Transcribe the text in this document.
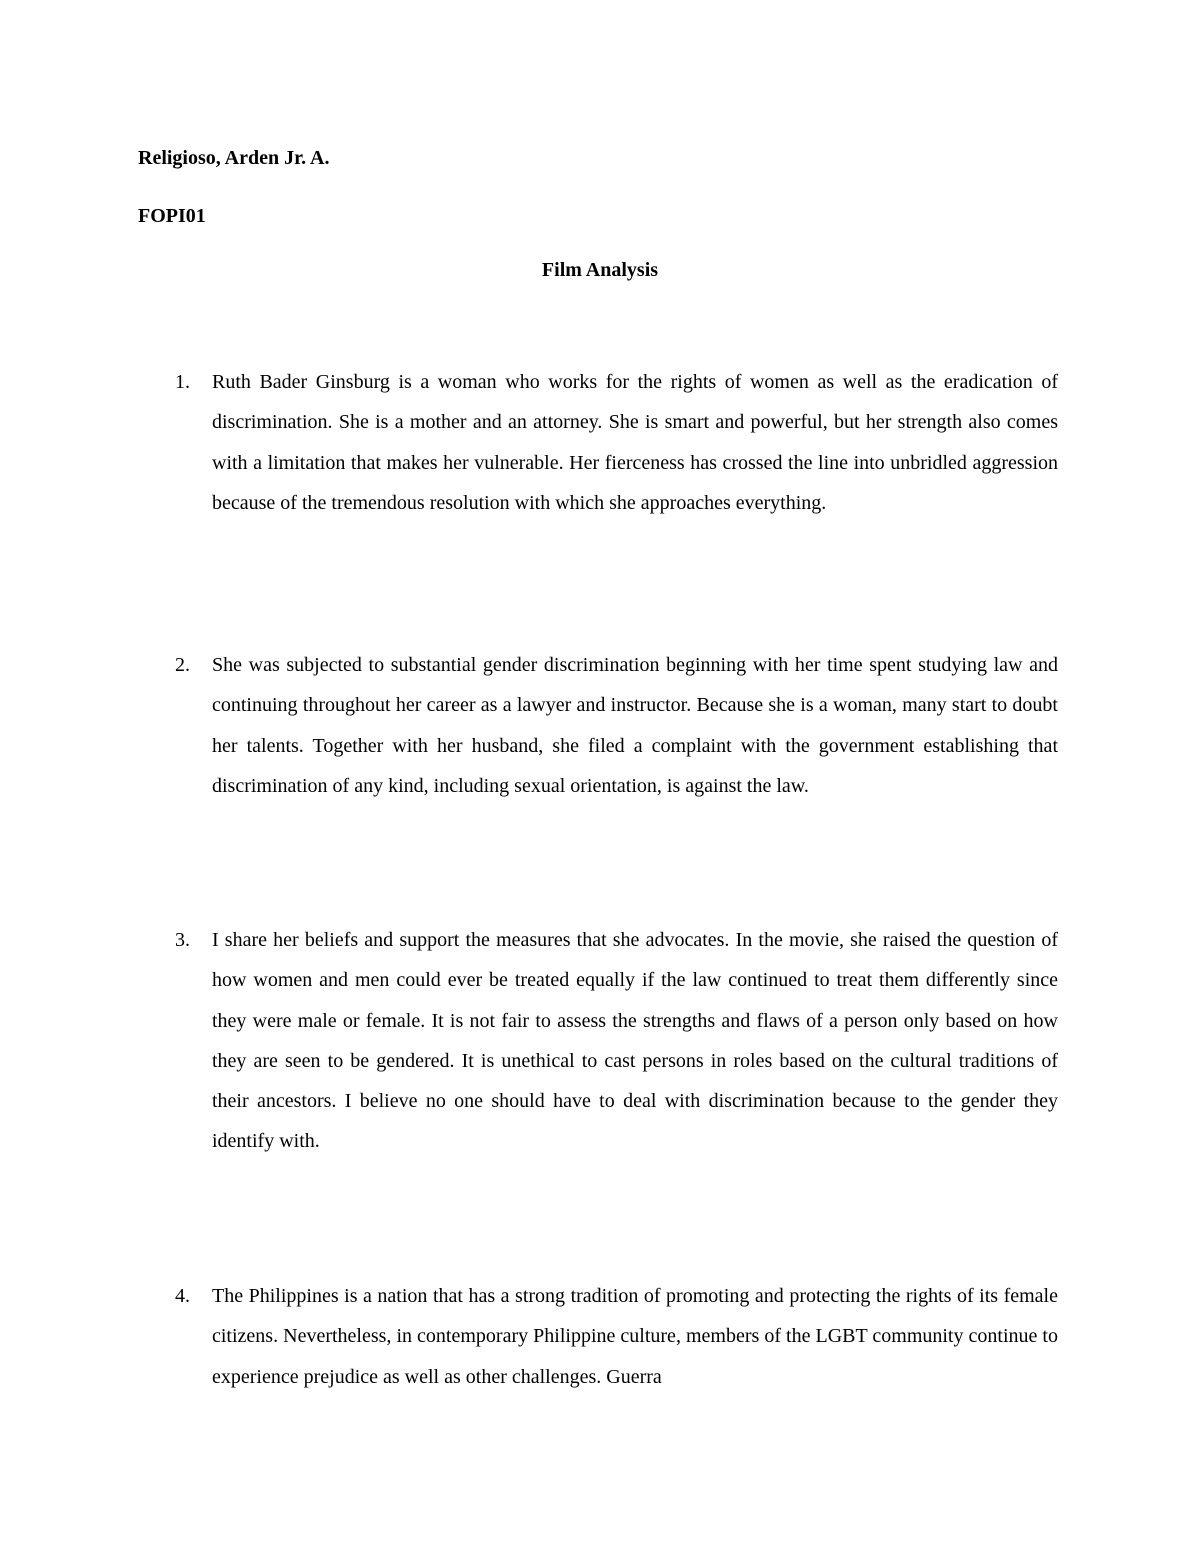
Religioso, Arden Jr. A.

FOPI01

Film Analysis

1. Ruth Bader Ginsburg is a woman who works for the rights of women as well as the eradication of discrimination. She is a mother and an attorney. She is smart and powerful, but her strength also comes with a limitation that makes her vulnerable. Her fierceness has crossed the line into unbridled aggression because of the tremendous resolution with which she approaches everything.

2. She was subjected to substantial gender discrimination beginning with her time spent studying law and continuing throughout her career as a lawyer and instructor. Because she is a woman, many start to doubt her talents. Together with her husband, she filed a complaint with the government establishing that discrimination of any kind, including sexual orientation, is against the law.

3. I share her beliefs and support the measures that she advocates. In the movie, she raised the question of how women and men could ever be treated equally if the law continued to treat them differently since they were male or female. It is not fair to assess the strengths and flaws of a person only based on how they are seen to be gendered. It is unethical to cast persons in roles based on the cultural traditions of their ancestors. I believe no one should have to deal with discrimination because to the gender they identify with.

4. The Philippines is a nation that has a strong tradition of promoting and protecting the rights of its female citizens. Nevertheless, in contemporary Philippine culture, members of the LGBT community continue to experience prejudice as well as other challenges. Guerra
